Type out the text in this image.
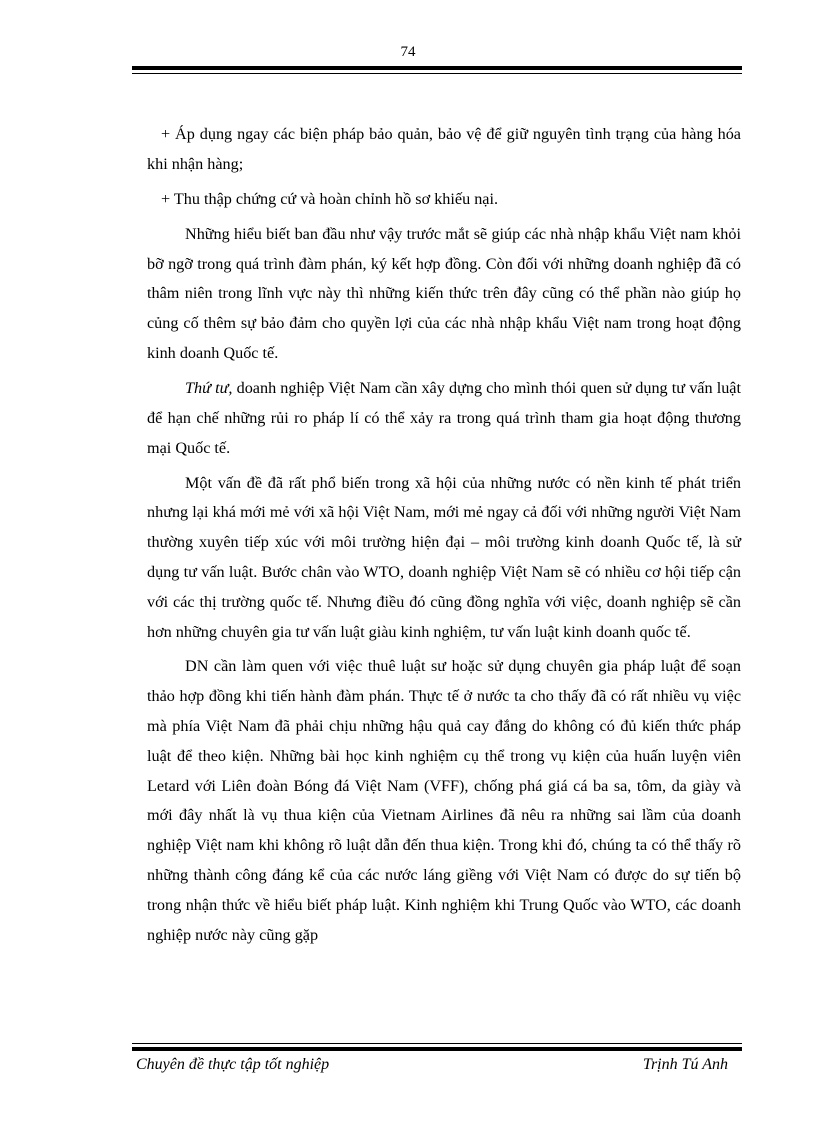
74

+ Áp dụng ngay các biện pháp bảo quản, bảo vệ để giữ nguyên tình trạng của hàng hóa khi nhận hàng;

+ Thu thập chứng cứ và hoàn chỉnh hồ sơ khiếu nại.

Những hiểu biết ban đầu như vậy trước mắt sẽ giúp các nhà nhập khẩu Việt nam khỏi bỡ ngỡ trong quá trình đàm phán, ký kết hợp đồng. Còn đối với những doanh nghiệp đã có thâm niên trong lĩnh vực này thì những kiến thức trên đây cũng có thể phần nào giúp họ củng cố thêm sự bảo đảm cho quyền lợi của các nhà nhập khẩu Việt nam trong hoạt động kinh doanh Quốc tế.

Thứ tư, doanh nghiệp Việt Nam cần xây dựng cho mình thói quen sử dụng tư vấn luật để hạn chế những rủi ro pháp lí có thể xảy ra trong quá trình tham gia hoạt động thương mại Quốc tế.

Một vấn đề đã rất phổ biến trong xã hội của những nước có nền kinh tế phát triển nhưng lại khá mới mẻ với xã hội Việt Nam, mới mẻ ngay cả đối với những người Việt Nam thường xuyên tiếp xúc với môi trường hiện đại – môi trường kinh doanh Quốc tế, là sử dụng tư vấn luật. Bước chân vào WTO, doanh nghiệp Việt Nam sẽ có nhiều cơ hội tiếp cận với các thị trường quốc tế. Nhưng điều đó cũng đồng nghĩa với việc, doanh nghiệp sẽ cần hơn những chuyên gia tư vấn luật giàu kinh nghiệm, tư vấn luật kinh doanh quốc tế.

DN cần làm quen với việc thuê luật sư hoặc sử dụng chuyên gia pháp luật để soạn thảo hợp đồng khi tiến hành đàm phán. Thực tế ở nước ta cho thấy đã có rất nhiều vụ việc mà phía Việt Nam đã phải chịu những hậu quả cay đắng do không có đủ kiến thức pháp luật để theo kiện. Những bài học kinh nghiệm cụ thể trong vụ kiện của huấn luyện viên Letard với Liên đoàn Bóng đá Việt Nam (VFF), chống phá giá cá ba sa, tôm, da giày và mới đây nhất là vụ thua kiện của Vietnam Airlines đã nêu ra những sai lầm của doanh nghiệp Việt nam khi không rõ luật dẫn đến thua kiện. Trong khi đó, chúng ta có thể thấy rõ những thành công đáng kể của các nước láng giềng với Việt Nam có được do sự tiến bộ trong nhận thức về hiểu biết pháp luật. Kinh nghiệm khi Trung Quốc vào WTO, các doanh nghiệp nước này cũng gặp

Chuyên đề thực tập tốt nghiệp	Trịnh Tú Anh
